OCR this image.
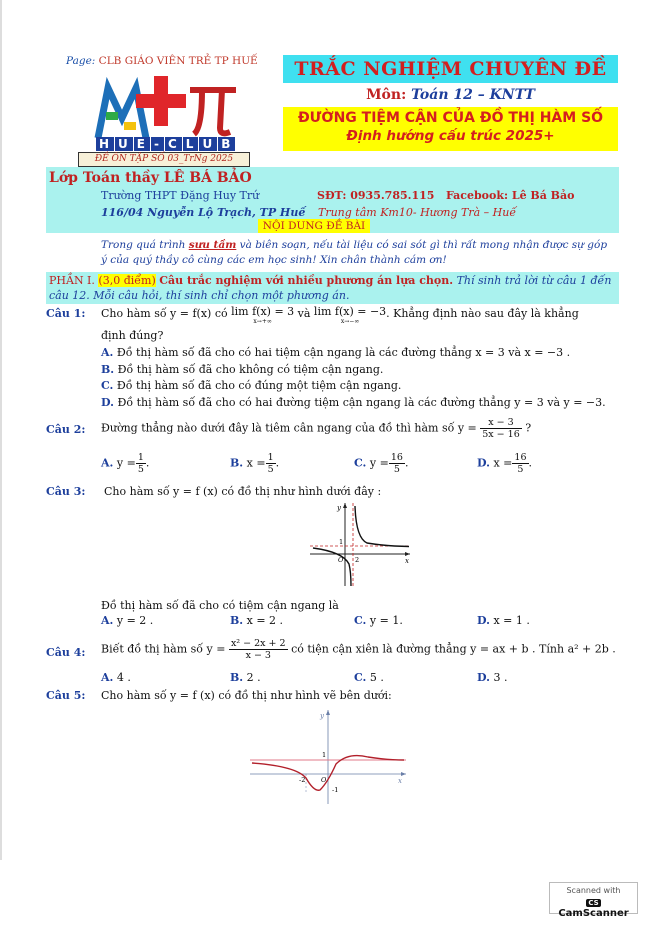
Page: CLB GIÁO VIÊN TRẺ TP HUẾ
H U E - C L U B
ĐỀ ÔN TẬP SỐ 03_TrNg 2025
TRẮC NGHIỆM CHUYÊN ĐỀ
Môn: Toán 12 – KNTT
ĐƯỜNG TIỆM CẬN CỦA ĐỒ THỊ HÀM SỐ
Định hướng cấu trúc 2025+
Lớp Toán thầy LÊ BÁ BẢO
Trường THPT Đặng Huy Trứ	SĐT: 0935.785.115 Facebook: Lê Bá Bảo
116/04 Nguyễn Lộ Trạch, TP Huế Trung tâm Km10- Hương Trà – Huế
NỘI DUNG ĐỀ BÀI
Trong quá trình sưu tầm và biên soạn, nếu tài liệu có sai sót gì thì rất mong nhận được sự góp ý của quý thầy cô cùng các em học sinh! Xin chân thành cám ơn!
PHẦN I. (3,0 điểm) Câu trắc nghiệm với nhiều phương án lựa chọn. Thí sinh trả lời từ câu 1 đến câu 12. Mỗi câu hỏi, thí sinh chỉ chọn một phương án.
Câu 1: Cho hàm số y = f(x) có lim f(x) = 3
x→+∞
và lim f(x) = −3
x→−∞
. Khẳng định nào sau đây là khẳng
định đúng?
A. Đồ thị hàm số đã cho có hai tiệm cận ngang là các đường thẳng x = 3 và x = −3 .
B. Đồ thị hàm số đã cho không có tiệm cận ngang.
C. Đồ thị hàm số đã cho có đúng một tiệm cận ngang.
D. Đồ thị hàm số đã cho có hai đường tiệm cận ngang là các đường thẳng y = 3 và y = −3.
Câu 2: Đường thẳng nào dưới đây là tiêm cân ngang của đồ thì hàm số $y = \frac{x - 3}{5x - 16}$ ?
A. $y = \frac{1}{5}$ .	B. $x = \frac{1}{5}$ .	C. $y = \frac{16}{5}$ .	D. $x = \frac{16}{5}$ .
Câu 3: Cho hàm số y = f (x) có đồ thị như hình dưới đây :
y
x
O
1
2
Đồ thị hàm số đã cho có tiệm cận ngang là
A. y = 2 .	B. x = 2 .	C. y = 1.	D. x = 1 .
Câu 4: Biết đồ thị hàm số $y = \frac{\text{x² − 2x + 2}}{x - 3}$ có tiện cận xiên là đường thẳng y = ax + b . Tính a² + 2b .
A. 4 .	B. 2 .	C. 5 .	D. 3 .
Câu 5: Cho hàm số y = f (x) có đồ thị như hình vẽ bên dưới:
y
x
O
1
-2
-1
Scanned with
CS CamScanner
